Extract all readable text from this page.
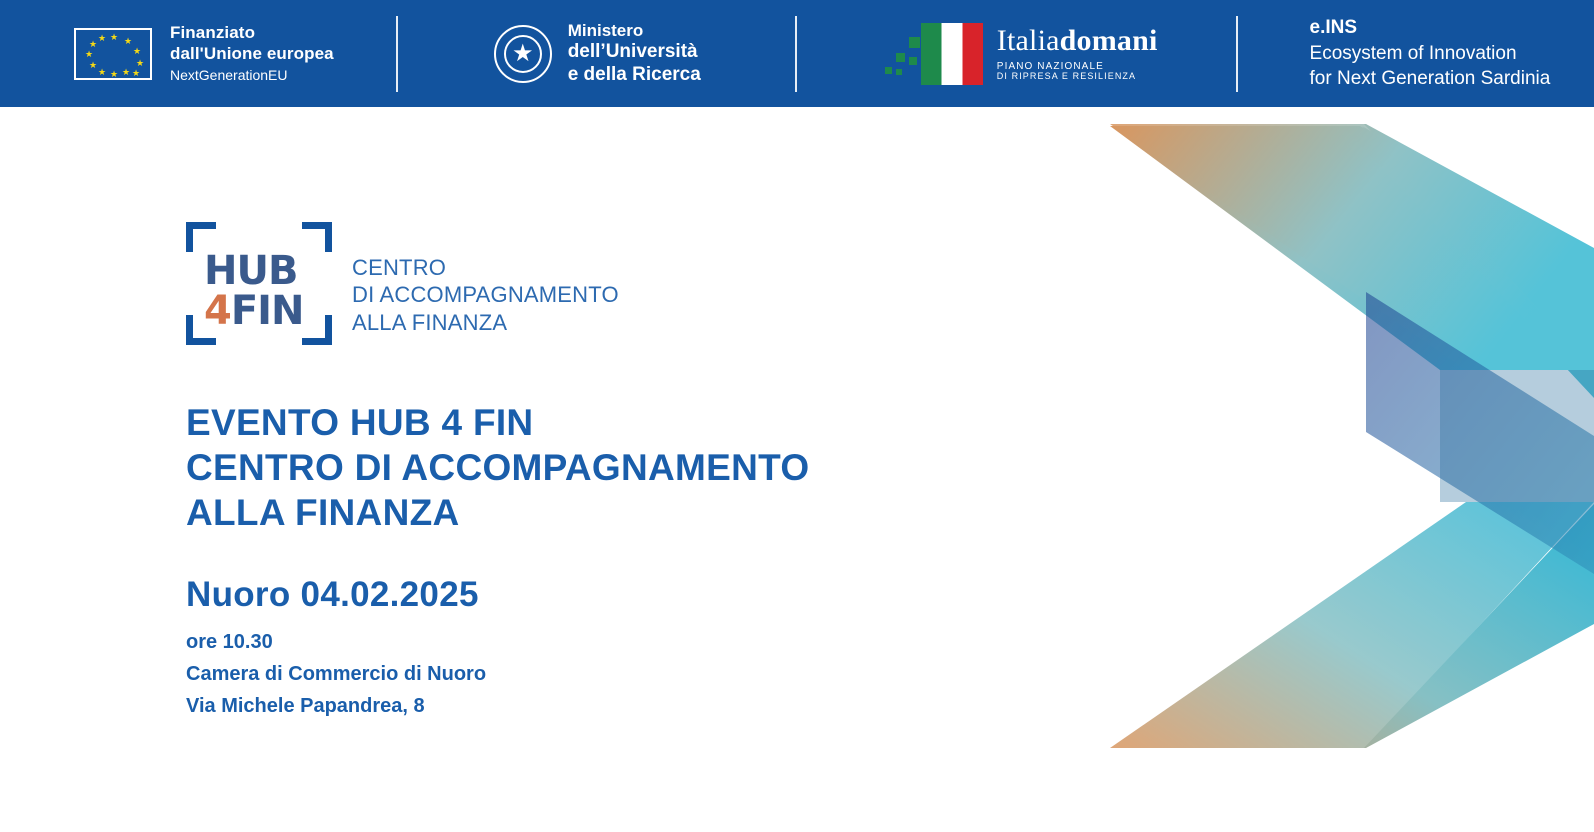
★ ★
★
★
★
★
★
★
★
★
★
★	Finanziato
dall'Unione europea
NextGenerationEU
★
Ministero
dell’Università
e della Ricerca
Italiadomani
PIANO NAZIONALE
DI RIPRESA E RESILIENZA
e.INS
Ecosystem of Innovation
for Next Generation Sardinia
HUB
4FIN
CENTRO
DI ACCOMPAGNAMENTO
ALLA FINANZA
EVENTO HUB 4 FIN
CENTRO DI ACCOMPAGNAMENTO
ALLA FINANZA
Nuoro 04.02.2025
ore 10.30
Camera di Commercio di Nuoro
Via Michele Papandrea, 8
